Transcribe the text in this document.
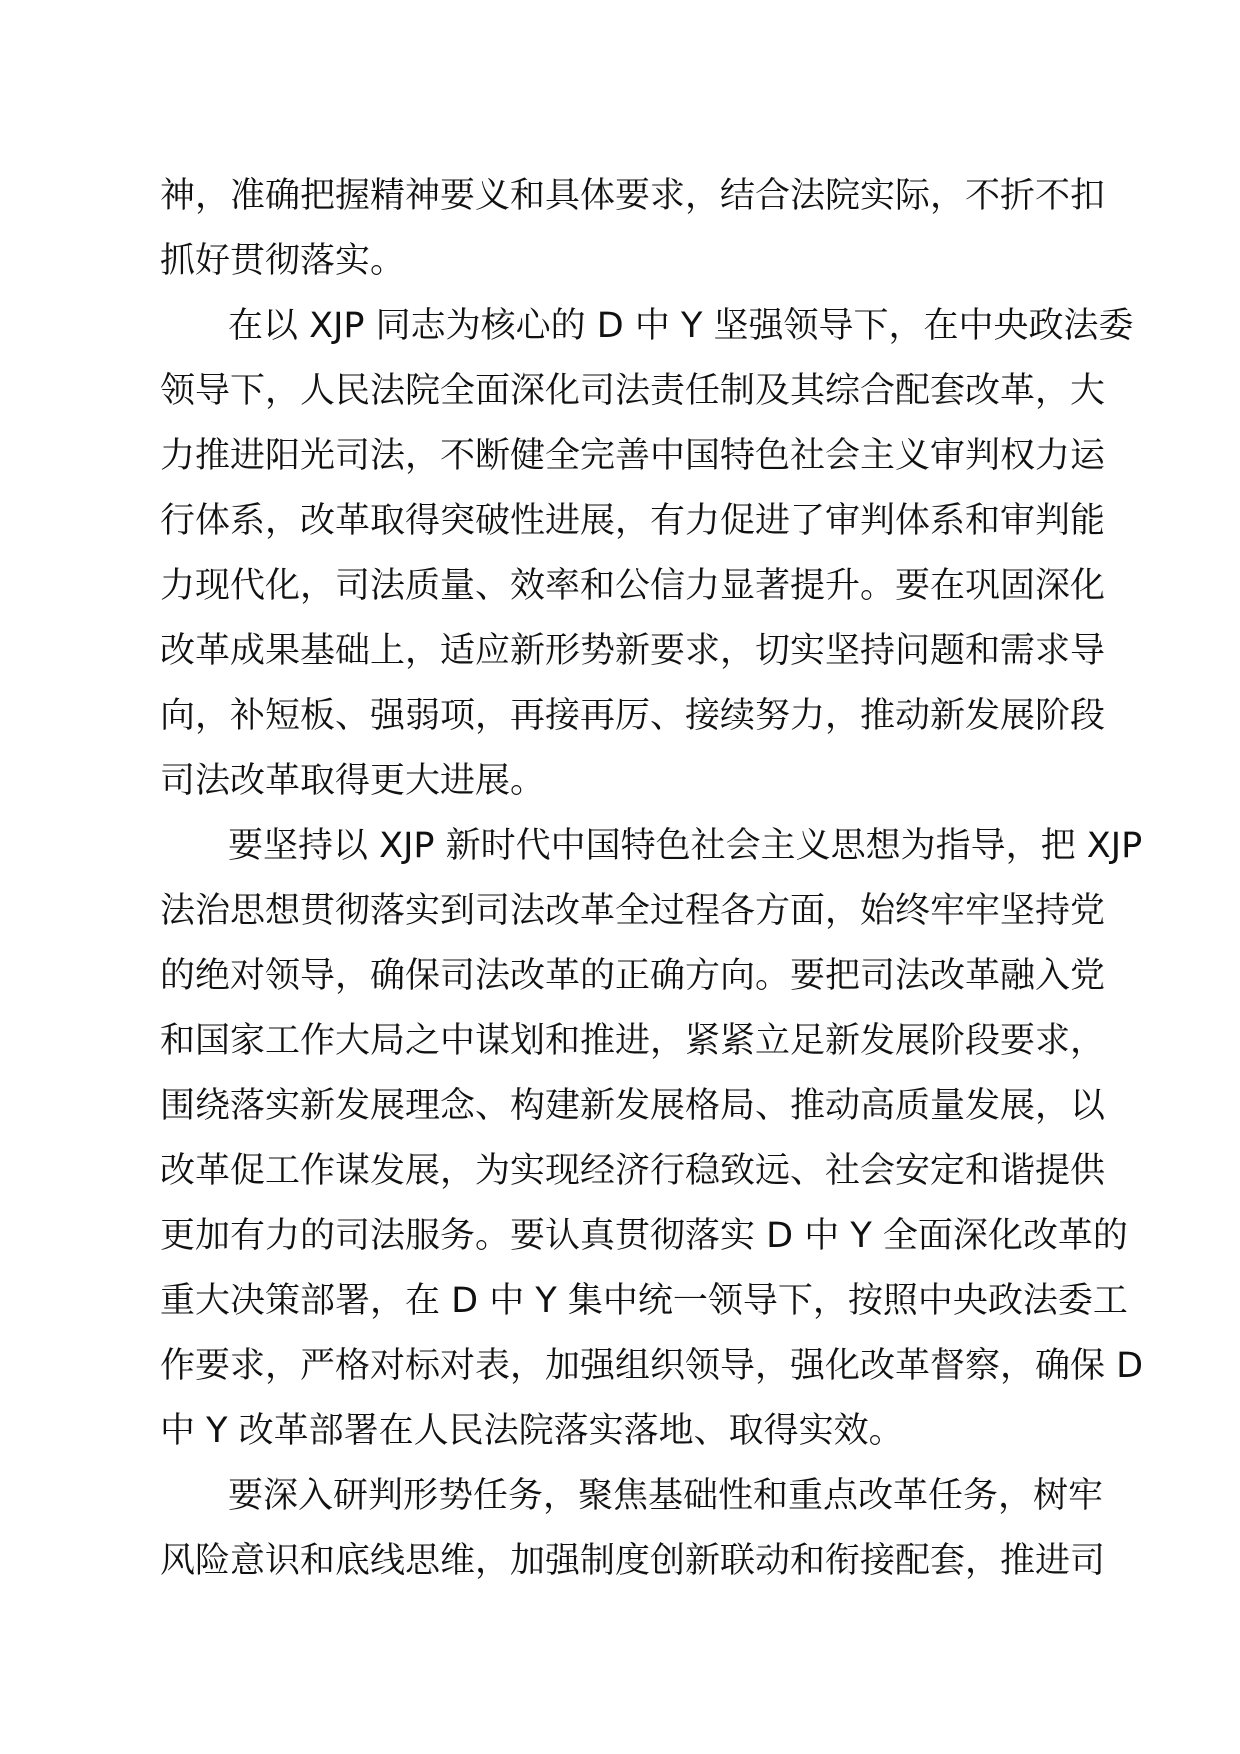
神，准确把握精神要义和具体要求，结合法院实际，不折不扣
抓好贯彻落实。
在以 XJP 同志为核心的 D 中 Y 坚强领导下，在中央政法委
领导下，人民法院全面深化司法责任制及其综合配套改革，大
力推进阳光司法，不断健全完善中国特色社会主义审判权力运
行体系，改革取得突破性进展，有力促进了审判体系和审判能
力现代化，司法质量、效率和公信力显著提升。要在巩固深化
改革成果基础上，适应新形势新要求，切实坚持问题和需求导
向，补短板、强弱项，再接再厉、接续努力，推动新发展阶段
司法改革取得更大进展。
要坚持以 XJP 新时代中国特色社会主义思想为指导，把 XJP
法治思想贯彻落实到司法改革全过程各方面，始终牢牢坚持党
的绝对领导，确保司法改革的正确方向。要把司法改革融入党
和国家工作大局之中谋划和推进，紧紧立足新发展阶段要求，
围绕落实新发展理念、构建新发展格局、推动高质量发展，以
改革促工作谋发展，为实现经济行稳致远、社会安定和谐提供
更加有力的司法服务。要认真贯彻落实 D 中 Y 全面深化改革的
重大决策部署，在 D 中 Y 集中统一领导下，按照中央政法委工
作要求，严格对标对表，加强组织领导，强化改革督察，确保 D
中 Y 改革部署在人民法院落实落地、取得实效。
要深入研判形势任务，聚焦基础性和重点改革任务，树牢
风险意识和底线思维，加强制度创新联动和衔接配套，推进司
